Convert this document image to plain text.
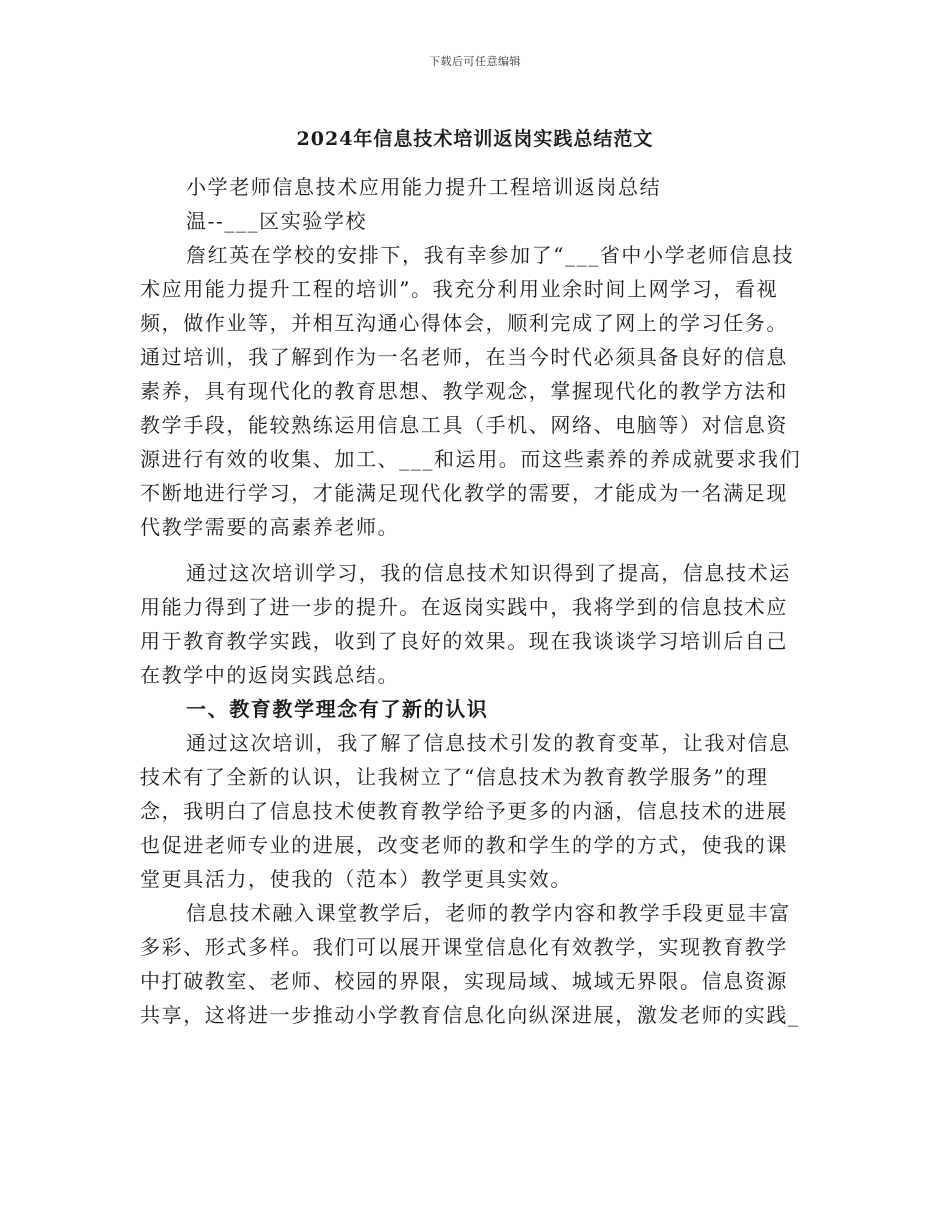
下载后可任意编辑
2024年信息技术培训返岗实践总结范文
小学老师信息技术应用能力提升工程培训返岗总结
温--___区实验学校
詹红英在学校的安排下，我有幸参加了“___省中小学老师信息技
术应用能力提升工程的培训”。我充分利用业余时间上网学习，看视
频，做作业等，并相互沟通心得体会，顺利完成了网上的学习任务。
通过培训，我了解到作为一名老师，在当今时代必须具备良好的信息
素养，具有现代化的教育思想、教学观念，掌握现代化的教学方法和
教学手段，能较熟练运用信息工具（手机、网络、电脑等）对信息资
源进行有效的收集、加工、___和运用。而这些素养的养成就要求我们
不断地进行学习，才能满足现代化教学的需要，才能成为一名满足现
代教学需要的高素养老师。
通过这次培训学习，我的信息技术知识得到了提高，信息技术运
用能力得到了进一步的提升。在返岗实践中，我将学到的信息技术应
用于教育教学实践，收到了良好的效果。现在我谈谈学习培训后自己
在教学中的返岗实践总结。
一、教育教学理念有了新的认识
通过这次培训，我了解了信息技术引发的教育变革，让我对信息
技术有了全新的认识，让我树立了“信息技术为教育教学服务”的理
念，我明白了信息技术使教育教学给予更多的内涵，信息技术的进展
也促进老师专业的进展，改变老师的教和学生的学的方式，使我的课
堂更具活力，使我的（范本）教学更具实效。
信息技术融入课堂教学后，老师的教学内容和教学手段更显丰富
多彩、形式多样。我们可以展开课堂信息化有效教学，实现教育教学
中打破教室、老师、校园的界限，实现局域、城域无界限。信息资源
共享，这将进一步推动小学教育信息化向纵深进展，激发老师的实践_
